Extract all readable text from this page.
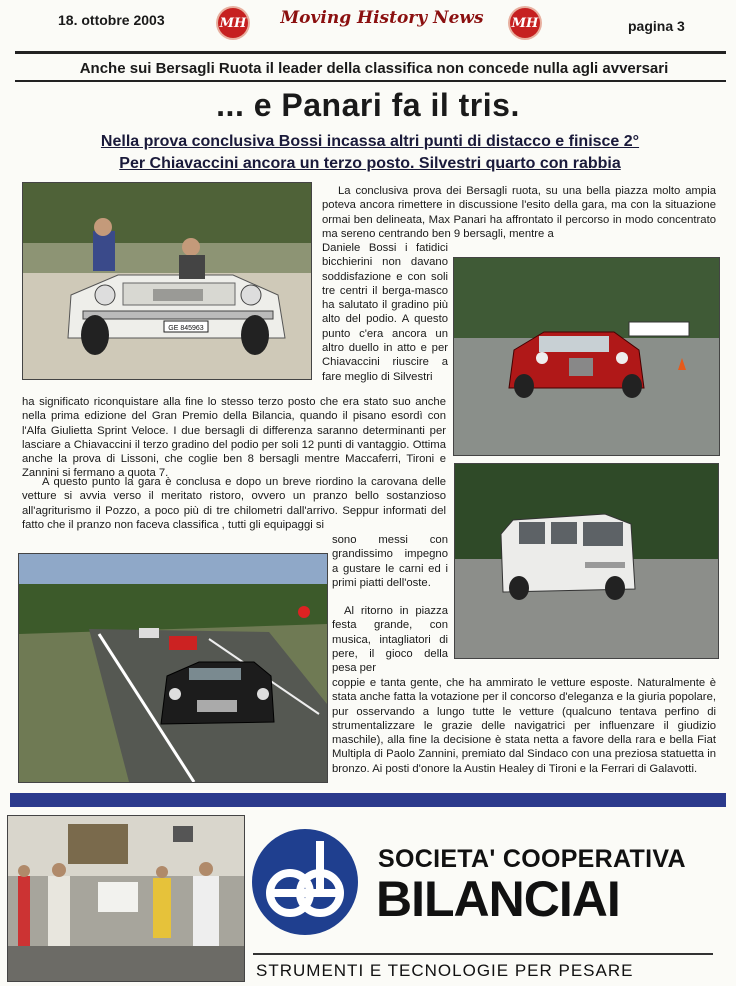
18. ottobre 2003	MH	Moving History News	MH	pagina 3
Anche sui Bersagli Ruota il leader della classifica non concede nulla agli avversari
... e Panari fa il tris.
Nella prova conclusiva Bossi incassa altri punti di distacco e finisce 2°
Per Chiavaccini ancora un terzo posto. Silvestri quarto con rabbia
GE 845963
La conclusiva prova dei Bersagli ruota, su una bella piazza molto ampia poteva ancora rimettere in discussione l'esito della gara, ma con la situazione ormai ben delineata, Max Panari ha affrontato il percorso in modo concentrato ma sereno centrando ben 9 bersagli, mentre a
Daniele Bossi i fatidici bicchierini non davano soddisfazione e con soli tre centri il berga-masco ha salutato il gradino più alto del podio. A questo punto c'era ancora un altro duello in atto e per Chiavaccini riuscire a fare meglio di Silvestri
ha significato riconquistare alla fine lo stesso terzo posto che era stato suo anche nella prima edizione del Gran Premio della Bilancia, quando il pisano esordì con l'Alfa Giulietta Sprint Veloce. I due bersagli di differenza saranno determinanti per lasciare a Chiavaccini il terzo gradino del podio per soli 12 punti di vantaggio. Ottima anche la prova di Lissoni, che coglie ben 8 bersagli mentre Maccaferri, Tironi e Zannini si fermano a quota 7.
A questo punto la gara è conclusa e dopo un breve riordino la carovana delle vetture si avvia verso il meritato ristoro, ovvero un pranzo bello sostanzioso all'agriturismo il Pozzo, a poco più di tre chilometri dall'arrivo. Seppur informati del fatto che il pranzo non faceva classifica , tutti gli equipaggi si
sono messi con grandissimo impegno a gustare le carni ed i primi piatti dell'oste.
Al ritorno in piazza festa grande, con musica, intagliatori di pere, il gioco della pesa per
coppie e tanta gente, che ha ammirato le vetture esposte. Naturalmente è stata anche fatta la votazione per il concorso d'eleganza e la giuria popolare, pur osservando a lungo tutte le vetture (qualcuno tentava perfino di strumentalizzare le grazie delle navigatrici per influenzare il giudizio maschile), alla fine la decisione è stata netta a favore della rara e bella Fiat Multipla di Paolo Zannini, premiato dal Sindaco con una preziosa statuetta in bronzo. Ai posti d'onore la Austin Healey di Tironi e la Ferrari di Galavotti.
SOCIETA' COOPERATIVA
BILANCIAI
STRUMENTI E TECNOLOGIE PER PESARE
